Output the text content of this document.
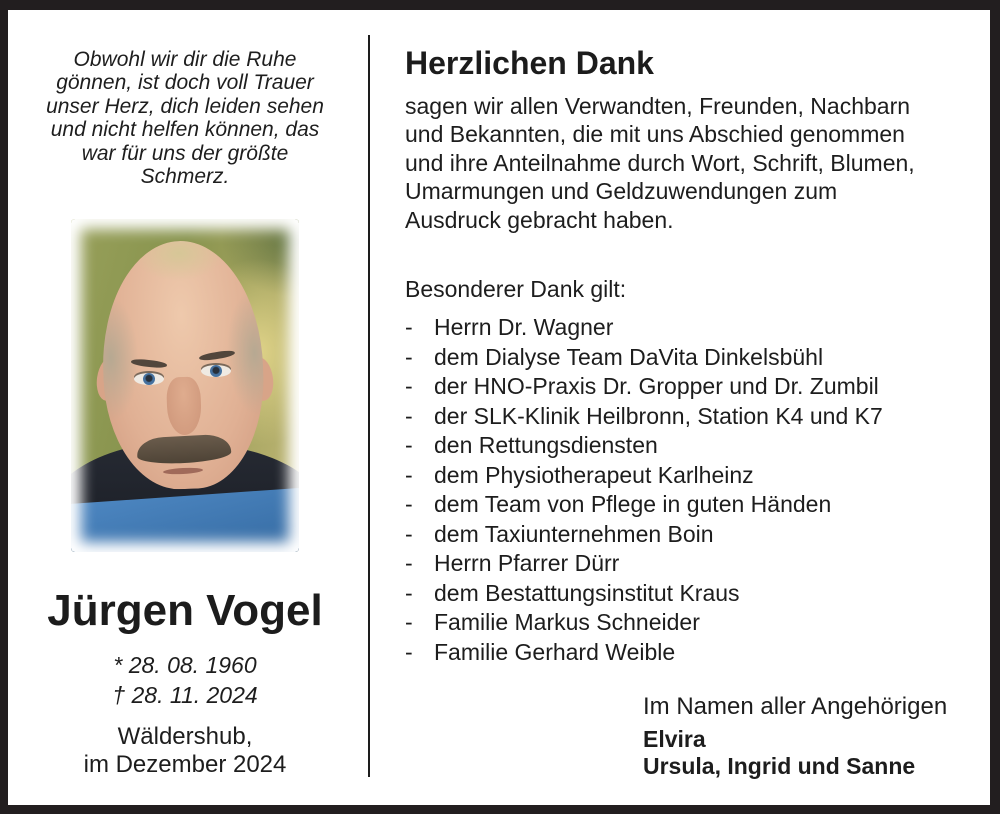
Obwohl wir dir die Ruhe
gönnen, ist doch voll Trauer
unser Herz, dich leiden sehen
und nicht helfen können, das
war für uns der größte
Schmerz.
Jürgen Vogel
* 28. 08. 1960
† 28. 11. 2024
Wäldershub,
im Dezember 2024
Herzlichen Dank
sagen wir allen Verwandten, Freunden, Nachbarn
und Bekannten, die mit uns Abschied genommen
und ihre Anteilnahme durch Wort, Schrift, Blumen,
Umarmungen und Geldzuwendungen zum
Ausdruck gebracht haben.
Besonderer Dank gilt:
- Herrn Dr. Wagner
- dem Dialyse Team DaVita Dinkelsbühl
- der HNO-Praxis Dr. Gropper und Dr. Zumbil
- der SLK-Klinik Heilbronn, Station K4 und K7
- den Rettungsdiensten
- dem Physiotherapeut Karlheinz
- dem Team von Pflege in guten Händen
- dem Taxiunternehmen Boin
- Herrn Pfarrer Dürr
- dem Bestattungsinstitut Kraus
- Familie Markus Schneider
- Familie Gerhard Weible
Im Namen aller Angehörigen
Elvira
Ursula, Ingrid und Sanne
